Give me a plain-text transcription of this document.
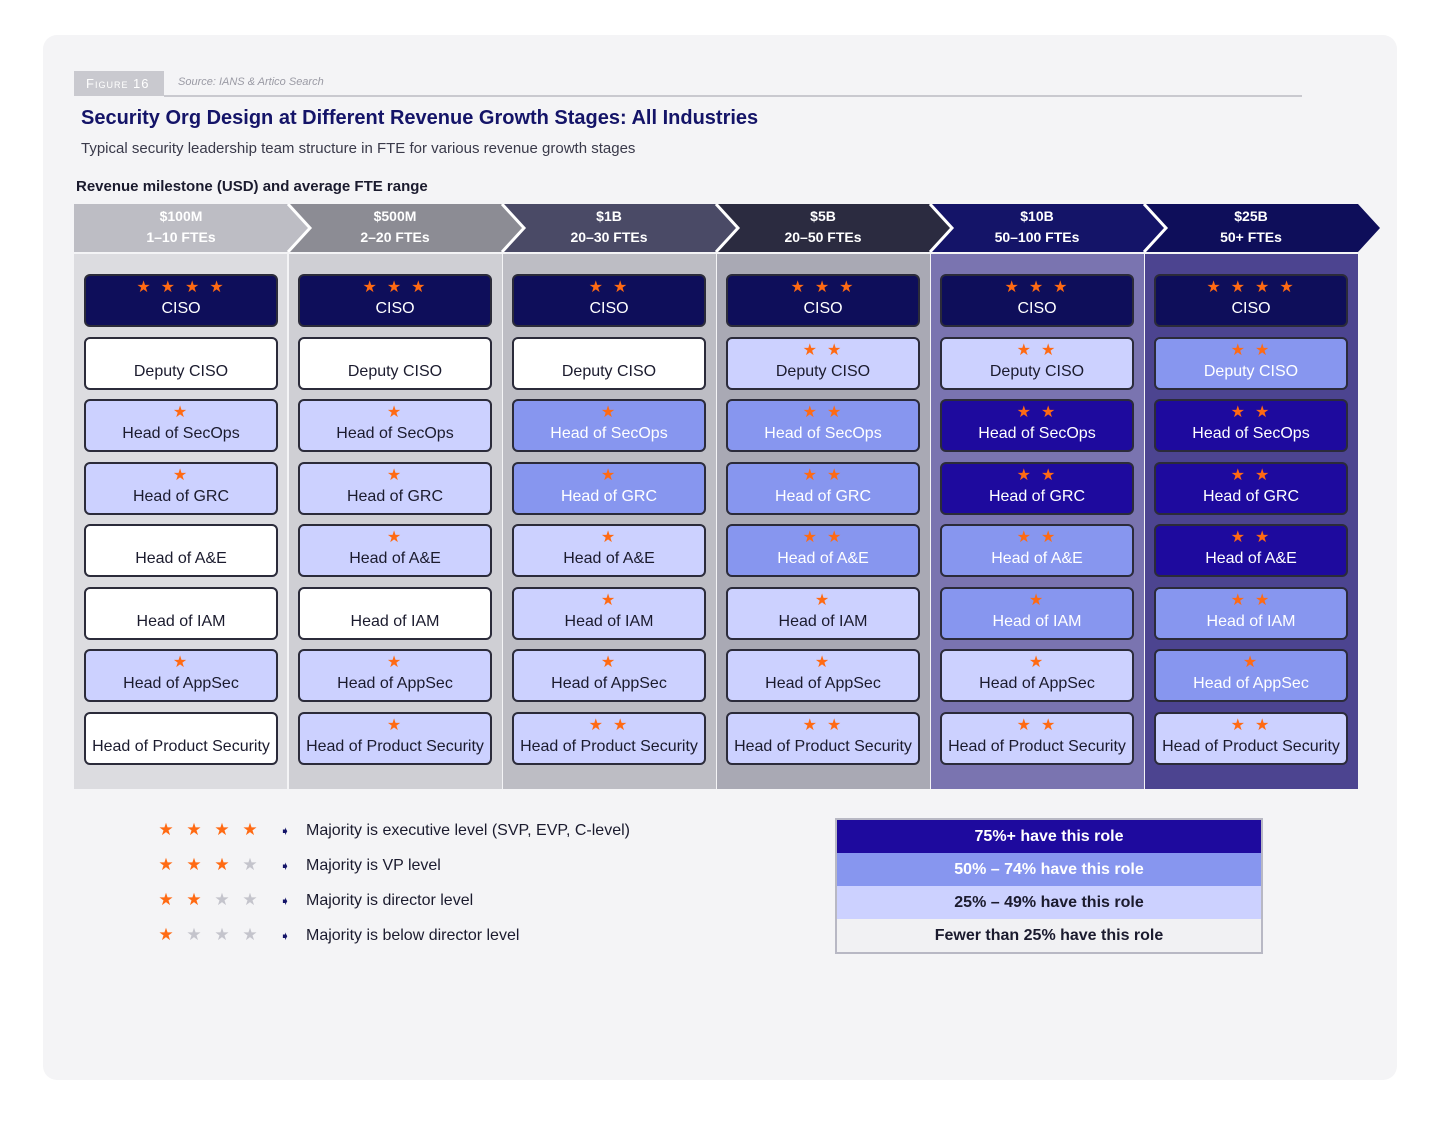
Figure 16	Source: IANS & Artico Search
Security Org Design at Different Revenue Growth Stages: All Industries
Typical security leadership team structure in FTE for various revenue growth stages
Revenue milestone (USD) and average FTE range
$100M
1–10 FTEs
$500M
2–20 FTEs
$1B
20–30 FTEs
$5B
20–50 FTEs
$10B
50–100 FTEs
$25B
50+ FTEs
★ ★ ★ ★ ➧ Majority is executive level (SVP, EVP, C-level)
★ ★ ★ ★ ➧ Majority is VP level
★ ★ ★ ★ ➧ Majority is director level
★ ★ ★ ★ ➧ Majority is below director level
75%+ have this role
50% – 74% have this role
25% – 49% have this role
Fewer than 25% have this role
★★★★
CISO
Deputy CISO
★
Head of SecOps
★
Head of GRC
Head of A&E
Head of IAM
★
Head of AppSec
Head of Product Security
★★★
CISO
Deputy CISO
★
Head of SecOps
★
Head of GRC
★
Head of A&E
Head of IAM
★
Head of AppSec
★
Head of Product Security
★★
CISO
Deputy CISO
★
Head of SecOps
★
Head of GRC
★
Head of A&E
★
Head of IAM
★
Head of AppSec
★★
Head of Product Security
★★★
CISO
★★
Deputy CISO
★★
Head of SecOps
★★
Head of GRC
★★
Head of A&E
★
Head of IAM
★
Head of AppSec
★★
Head of Product Security
★★★
CISO
★★
Deputy CISO
★★
Head of SecOps
★★
Head of GRC
★★
Head of A&E
★
Head of IAM
★
Head of AppSec
★★
Head of Product Security
★★★★
CISO
★★
Deputy CISO
★★
Head of SecOps
★★
Head of GRC
★★
Head of A&E
★★
Head of IAM
★
Head of AppSec
★★
Head of Product Security
